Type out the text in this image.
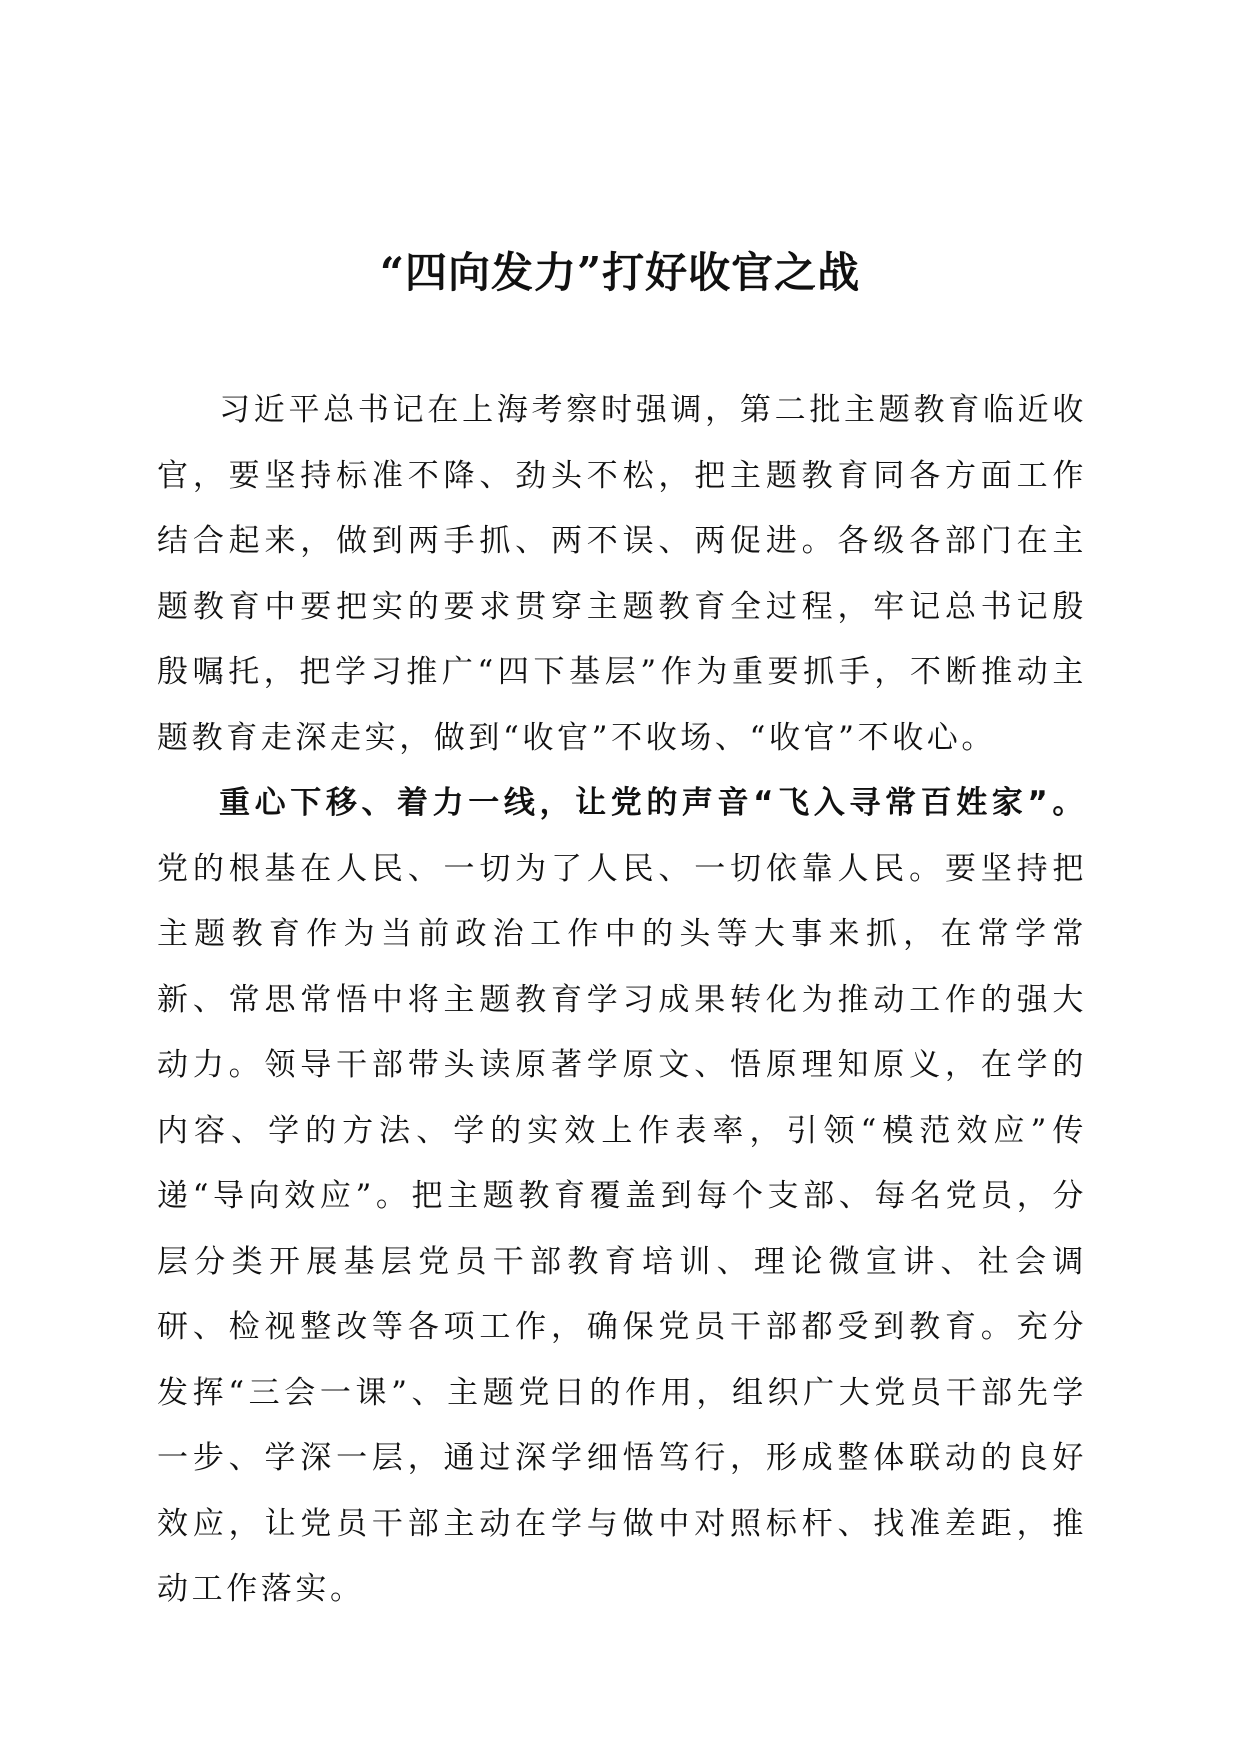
“四向发力”打好收官之战

习近平总书记在上海考察时强调，第二批主题教育临近收官，要坚持标准不降、劲头不松，把主题教育同各方面工作结合起来，做到两手抓、两不误、两促进。各级各部门在主题教育中要把实的要求贯穿主题教育全过程，牢记总书记殷殷嘱托，把学习推广“四下基层”作为重要抓手，不断推动主题教育走深走实，做到“收官”不收场、“收官”不收心。

重心下移、着力一线，让党的声音“飞入寻常百姓家”。党的根基在人民、一切为了人民、一切依靠人民。要坚持把主题教育作为当前政治工作中的头等大事来抓，在常学常新、常思常悟中将主题教育学习成果转化为推动工作的强大动力。领导干部带头读原著学原文、悟原理知原义，在学的内容、学的方法、学的实效上作表率，引领“模范效应”传递“导向效应”。把主题教育覆盖到每个支部、每名党员，分层分类开展基层党员干部教育培训、理论微宣讲、社会调研、检视整改等各项工作，确保党员干部都受到教育。充分发挥“三会一课”、主题党日的作用，组织广大党员干部先学一步、学深一层，通过深学细悟笃行，形成整体联动的良好效应，让党员干部主动在学与做中对照标杆、找准差距，推动工作落实。
